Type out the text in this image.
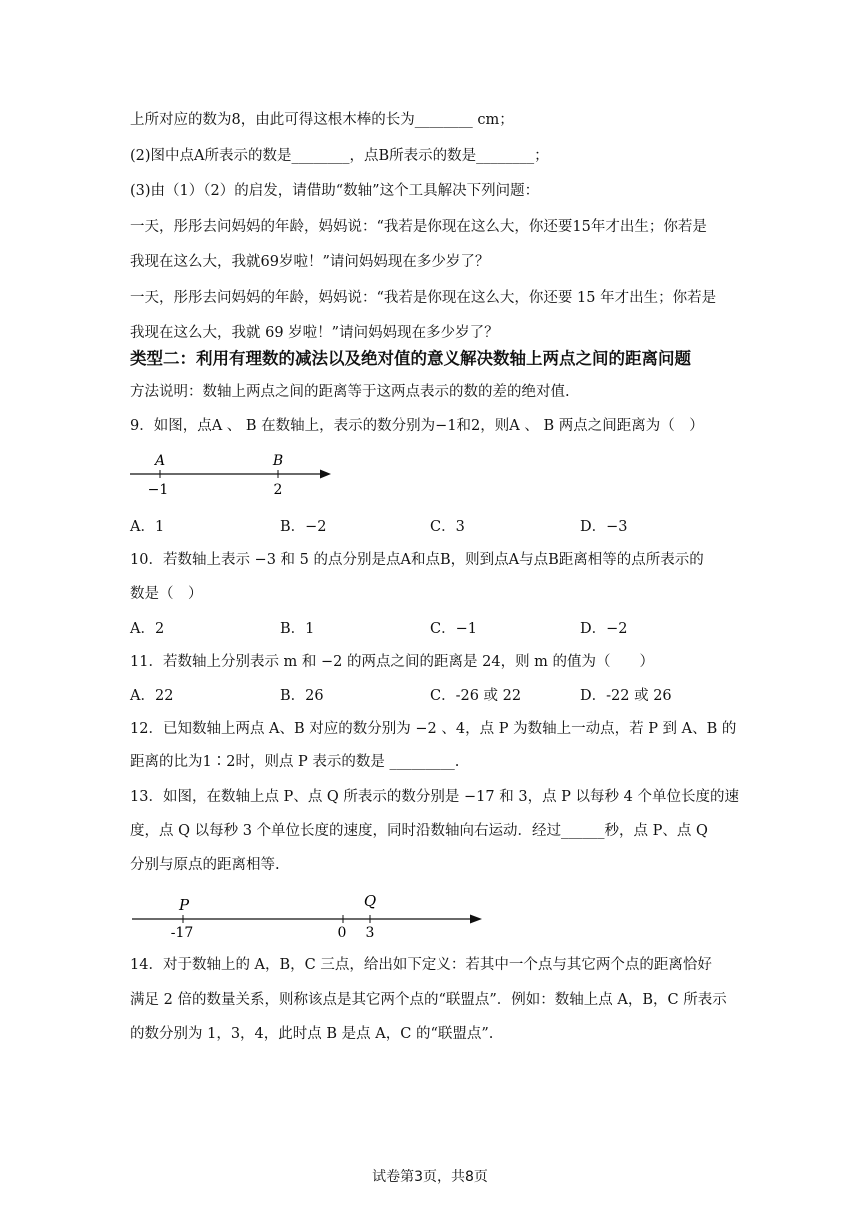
上所对应的数为8，由此可得这根木棒的长为________ cm；
(2)图中点A所表示的数是________，点B所表示的数是________；
(3)由（1）（2）的启发，请借助“数轴”这个工具解决下列问题：
一天，彤彤去问妈妈的年龄，妈妈说：“我若是你现在这么大，你还要15年才出生；你若是
我现在这么大，我就69岁啦！”请问妈妈现在多少岁了？
一天，彤彤去问妈妈的年龄，妈妈说：“我若是你现在这么大，你还要 15 年才出生；你若是
我现在这么大，我就 69 岁啦！”请问妈妈现在多少岁了？
类型二：利用有理数的减法以及绝对值的意义解决数轴上两点之间的距离问题
方法说明：数轴上两点之间的距离等于这两点表示的数的差的绝对值.
9．如图，点A 、 B 在数轴上，表示的数分别为−1和2，则A 、 B 两点之间距离为（　）
A	B
−1	2
A．1	B．−2	C．3	D．−3
10．若数轴上表示 −3 和 5 的点分别是点A和点B，则到点A与点B距离相等的点所表示的
数是（　）
A．2	B．1	C．−1	D．−2
11．若数轴上分别表示 m 和 −2 的两点之间的距离是 24，则 m 的值为（　　）
A．22	B．26	C．-26 或 22	D．-22 或 26
12．已知数轴上两点 A、B 对应的数分别为 −2 、4，点 P 为数轴上一动点，若 P 到 A、B 的
距离的比为1∶2时，则点 P 表示的数是 _________.
13．如图，在数轴上点 P、点 Q 所表示的数分别是 −17 和 3，点 P 以每秒 4 个单位长度的速
度，点 Q 以每秒 3 个单位长度的速度，同时沿数轴向右运动．经过______秒，点 P、点 Q
分别与原点的距离相等.
P	Q
-17	0 3
14．对于数轴上的 A，B，C 三点，给出如下定义：若其中一个点与其它两个点的距离恰好
满足 2 倍的数量关系，则称该点是其它两个点的“联盟点”．例如：数轴上点 A，B，C 所表示
的数分别为 1，3，4，此时点 B 是点 A，C 的“联盟点”.
试卷第3页，共8页
